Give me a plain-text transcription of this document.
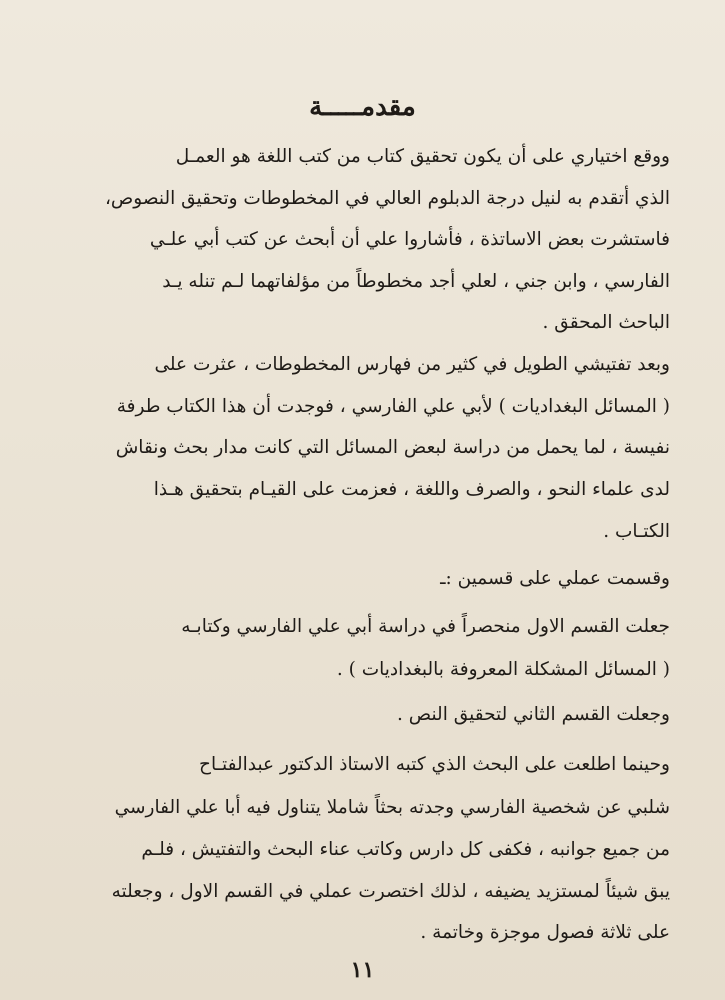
مقدمـــــة
ووقع اختياري على أن يكون تحقيق كتاب من كتب اللغة هو العمـل
الذي أتقدم به لنيل درجة الدبلوم العالي في المخطوطات وتحقيق النصوص،
فاستشرت بعض الاساتذة ، فأشاروا علي أن أبحث عن كتب أبي علـي
الفارسي ، وابن جني ، لعلي أجد مخطوطاً من مؤلفاتهما لـم تنله يـد
الباحث المحقق .
وبعد تفتيشي الطويل في كثير من فهارس المخطوطات ، عثرت على
( المسائل البغداديات ) لأبي علي الفارسي ، فوجدت أن هذا الكتاب طرفة
نفيسة ، لما يحمل من دراسة لبعض المسائل التي كانت مدار بحث ونقاش
لدى علماء النحو ، والصرف واللغة ، فعزمت على القيـام بتحقيق هـذا
الكتـاب .
وقسمت عملي على قسمين :ـ
جعلت القسم الاول منحصراً في دراسة أبي علي الفارسي وكتابـه
( المسائل المشكلة المعروفة بالبغداديات ) .
وجعلت القسم الثاني لتحقيق النص .
وحينما اطلعت على البحث الذي كتبه الاستاذ الدكتور عبدالفتـاح
شلبي عن شخصية الفارسي وجدته بحثاً شاملا يتناول فيه أبا علي الفارسي
من جميع جوانبه ، فكفى كل دارس وكاتب عناء البحث والتفتيش ، فلـم
يبق شيئاً لمستزيد يضيفه ، لذلك اختصرت عملي في القسم الاول ، وجعلته
على ثلاثة فصول موجزة وخاتمة .
١١
